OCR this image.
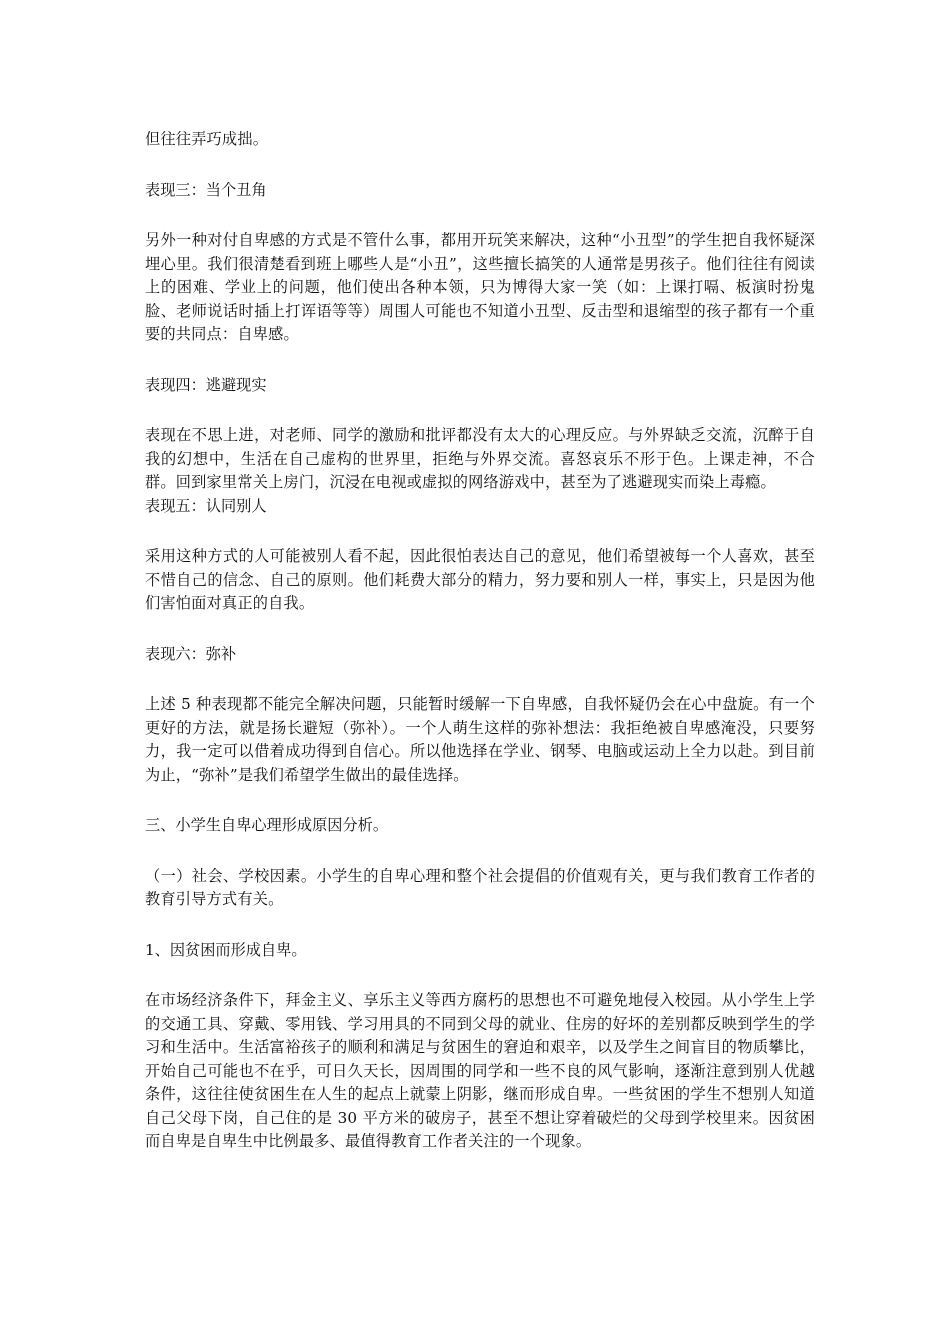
但往往弄巧成拙。

表现三：当个丑角

另外一种对付自卑感的方式是不管什么事，都用开玩笑来解决，这种“小丑型”的学生把自我怀疑深埋心里。我们很清楚看到班上哪些人是“小丑”，这些擅长搞笑的人通常是男孩子。他们往往有阅读上的困难、学业上的问题，他们使出各种本领，只为博得大家一笑（如：上课打嗝、板演时扮鬼脸、老师说话时插上打诨语等等）周围人可能也不知道小丑型、反击型和退缩型的孩子都有一个重要的共同点：自卑感。

表现四：逃避现实

表现在不思上进，对老师、同学的激励和批评都没有太大的心理反应。与外界缺乏交流，沉醉于自我的幻想中，生活在自己虚构的世界里，拒绝与外界交流。喜怒哀乐不形于色。上课走神，不合群。回到家里常关上房门，沉浸在电视或虚拟的网络游戏中，甚至为了逃避现实而染上毒瘾。

表现五：认同别人

采用这种方式的人可能被别人看不起，因此很怕表达自己的意见，他们希望被每一个人喜欢，甚至不惜自己的信念、自己的原则。他们耗费大部分的精力，努力要和别人一样，事实上，只是因为他们害怕面对真正的自我。

表现六：弥补

上述 5 种表现都不能完全解决问题，只能暂时缓解一下自卑感，自我怀疑仍会在心中盘旋。有一个更好的方法，就是扬长避短（弥补）。一个人萌生这样的弥补想法：我拒绝被自卑感淹没，只要努力，我一定可以借着成功得到自信心。所以他选择在学业、钢琴、电脑或运动上全力以赴。到目前为止，“弥补”是我们希望学生做出的最佳选择。

三、小学生自卑心理形成原因分析。

（一）社会、学校因素。小学生的自卑心理和整个社会提倡的价值观有关，更与我们教育工作者的教育引导方式有关。

1、因贫困而形成自卑。

在市场经济条件下，拜金主义、享乐主义等西方腐朽的思想也不可避免地侵入校园。从小学生上学的交通工具、穿戴、零用钱、学习用具的不同到父母的就业、住房的好坏的差别都反映到学生的学习和生活中。生活富裕孩子的顺利和满足与贫困生的窘迫和艰辛，以及学生之间盲目的物质攀比，开始自己可能也不在乎，可日久天长，因周围的同学和一些不良的风气影响，逐渐注意到别人优越条件，这往往使贫困生在人生的起点上就蒙上阴影，继而形成自卑。一些贫困的学生不想别人知道自己父母下岗，自己住的是 30 平方米的破房子，甚至不想让穿着破烂的父母到学校里来。因贫困而自卑是自卑生中比例最多、最值得教育工作者关注的一个现象。
